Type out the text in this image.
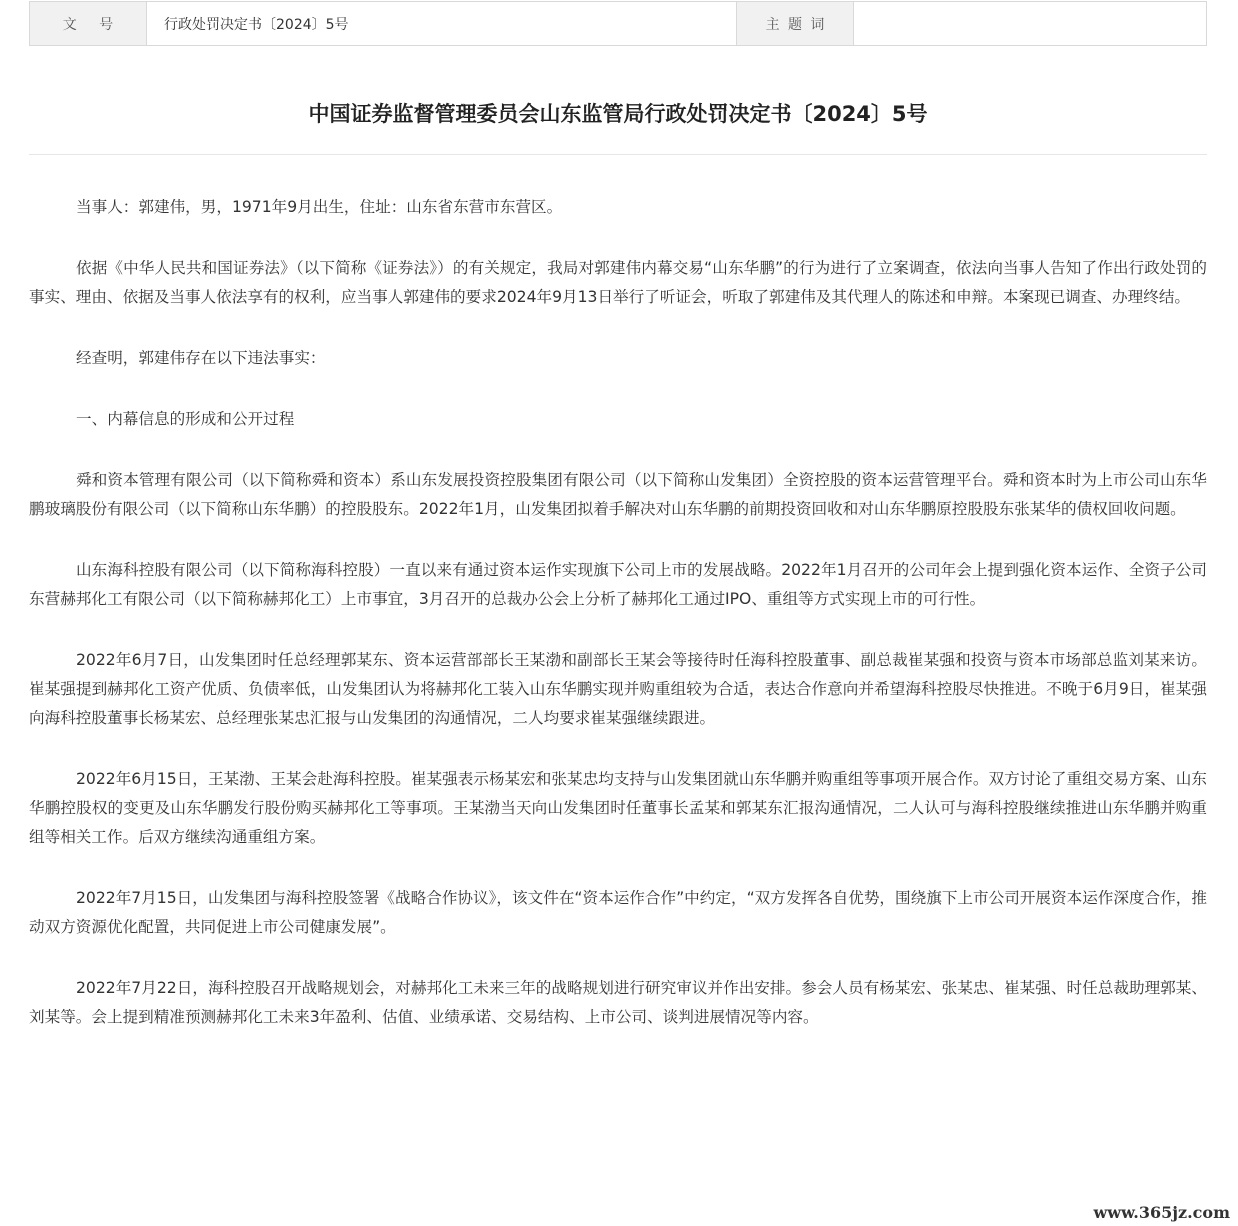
文号	行政处罚决定书〔2024〕5号	主题词
中国证券监督管理委员会山东监管局行政处罚决定书〔2024〕5号

当事人：郭建伟，男，1971年9月出生，住址：山东省东营市东营区。

依据《中华人民共和国证券法》（以下简称《证券法》）的有关规定，我局对郭建伟内幕交易“山东华鹏”的行为进行了立案调查，依法向当事人告知了作出行政处罚的事实、理由、依据及当事人依法享有的权利，应当事人郭建伟的要求2024年9月13日举行了听证会，听取了郭建伟及其代理人的陈述和申辩。本案现已调查、办理终结。

经查明，郭建伟存在以下违法事实：

一、内幕信息的形成和公开过程

舜和资本管理有限公司（以下简称舜和资本）系山东发展投资控股集团有限公司（以下简称山发集团）全资控股的资本运营管理平台。舜和资本时为上市公司山东华鹏玻璃股份有限公司（以下简称山东华鹏）的控股股东。2022年1月，山发集团拟着手解决对山东华鹏的前期投资回收和对山东华鹏原控股股东张某华的债权回收问题。

山东海科控股有限公司（以下简称海科控股）一直以来有通过资本运作实现旗下公司上市的发展战略。2022年1月召开的公司年会上提到强化资本运作、全资子公司东营赫邦化工有限公司（以下简称赫邦化工）上市事宜，3月召开的总裁办公会上分析了赫邦化工通过IPO、重组等方式实现上市的可行性。

2022年6月7日，山发集团时任总经理郭某东、资本运营部部长王某渤和副部长王某会等接待时任海科控股董事、副总裁崔某强和投资与资本市场部总监刘某来访。崔某强提到赫邦化工资产优质、负债率低，山发集团认为将赫邦化工装入山东华鹏实现并购重组较为合适，表达合作意向并希望海科控股尽快推进。不晚于6月9日，崔某强向海科控股董事长杨某宏、总经理张某忠汇报与山发集团的沟通情况，二人均要求崔某强继续跟进。

2022年6月15日，王某渤、王某会赴海科控股。崔某强表示杨某宏和张某忠均支持与山发集团就山东华鹏并购重组等事项开展合作。双方讨论了重组交易方案、山东华鹏控股权的变更及山东华鹏发行股份购买赫邦化工等事项。王某渤当天向山发集团时任董事长孟某和郭某东汇报沟通情况，二人认可与海科控股继续推进山东华鹏并购重组等相关工作。后双方继续沟通重组方案。

2022年7月15日，山发集团与海科控股签署《战略合作协议》，该文件在“资本运作合作”中约定，“双方发挥各自优势，围绕旗下上市公司开展资本运作深度合作，推动双方资源优化配置，共同促进上市公司健康发展”。

2022年7月22日，海科控股召开战略规划会，对赫邦化工未来三年的战略规划进行研究审议并作出安排。参会人员有杨某宏、张某忠、崔某强、时任总裁助理郭某、刘某等。会上提到精准预测赫邦化工未来3年盈利、估值、业绩承诺、交易结构、上市公司、谈判进展情况等内容。

www.365jz.com
